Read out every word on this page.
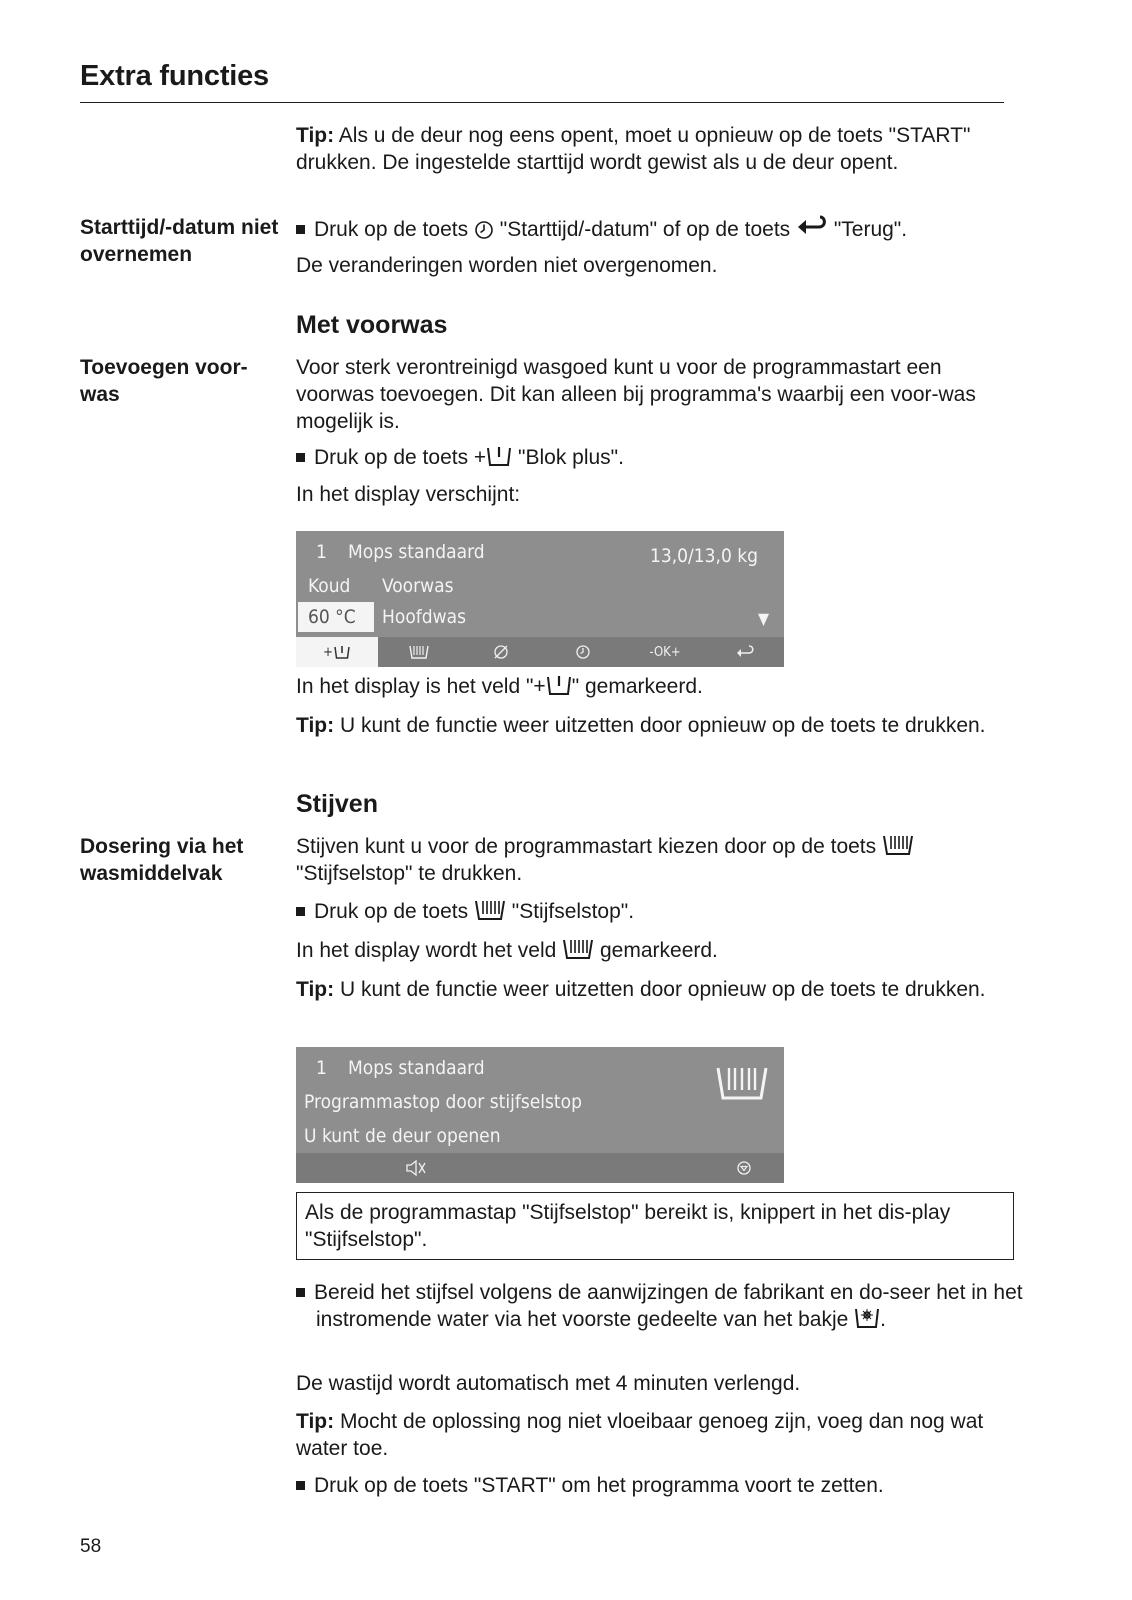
Extra functies

Tip: Als u de deur nog eens opent, moet u opnieuw op de toets "START" drukken. De ingestelde starttijd wordt gewist als u de deur opent.

Starttijd/-datum niet overnemen

Druk op de toets
"Starttijd/-datum" of op de toets
"Terug".

De veranderingen worden niet overgenomen.

Met voorwas
Toevoegen voor-was

Voor sterk verontreinigd wasgoed kunt u voor de programmastart een voorwas toevoegen. Dit kan alleen bij programma's waarbij een voor-was mogelijk is.

Druk op de toets +
"Blok plus".

In het display verschijnt:

1 Mops standaard	13,0/13,0 kg
Koud Voorwas
60 °C Hoofdwas	▼
+	-OK+

In het display is het veld "+ " gemarkeerd.

Tip: U kunt de functie weer uitzetten door opnieuw op de toets te drukken.

Stijven
Dosering via het wasmiddelvak

Stijven kunt u voor de programmastart kiezen door op de toets
"Stijfselstop" te drukken.

Druk op de toets
"Stijfselstop".

In het display wordt het veld
gemarkeerd.

Tip: U kunt de functie weer uitzetten door opnieuw op de toets te drukken.

1 Mops standaard
Programmastop door stijfselstop
U kunt de deur openen
Als de programmastap "Stijfselstop" bereikt is, knippert in het dis-play "Stijfselstop".

Bereid het stijfsel volgens de aanwijzingen de fabrikant en do-seer het in het instromende water via het voorste gedeelte van het bakje
.

De wastijd wordt automatisch met 4 minuten verlengd.

Tip: Mocht de oplossing nog niet vloeibaar genoeg zijn, voeg dan nog wat water toe.

Druk op de toets "START" om het programma voort te zetten.

58
